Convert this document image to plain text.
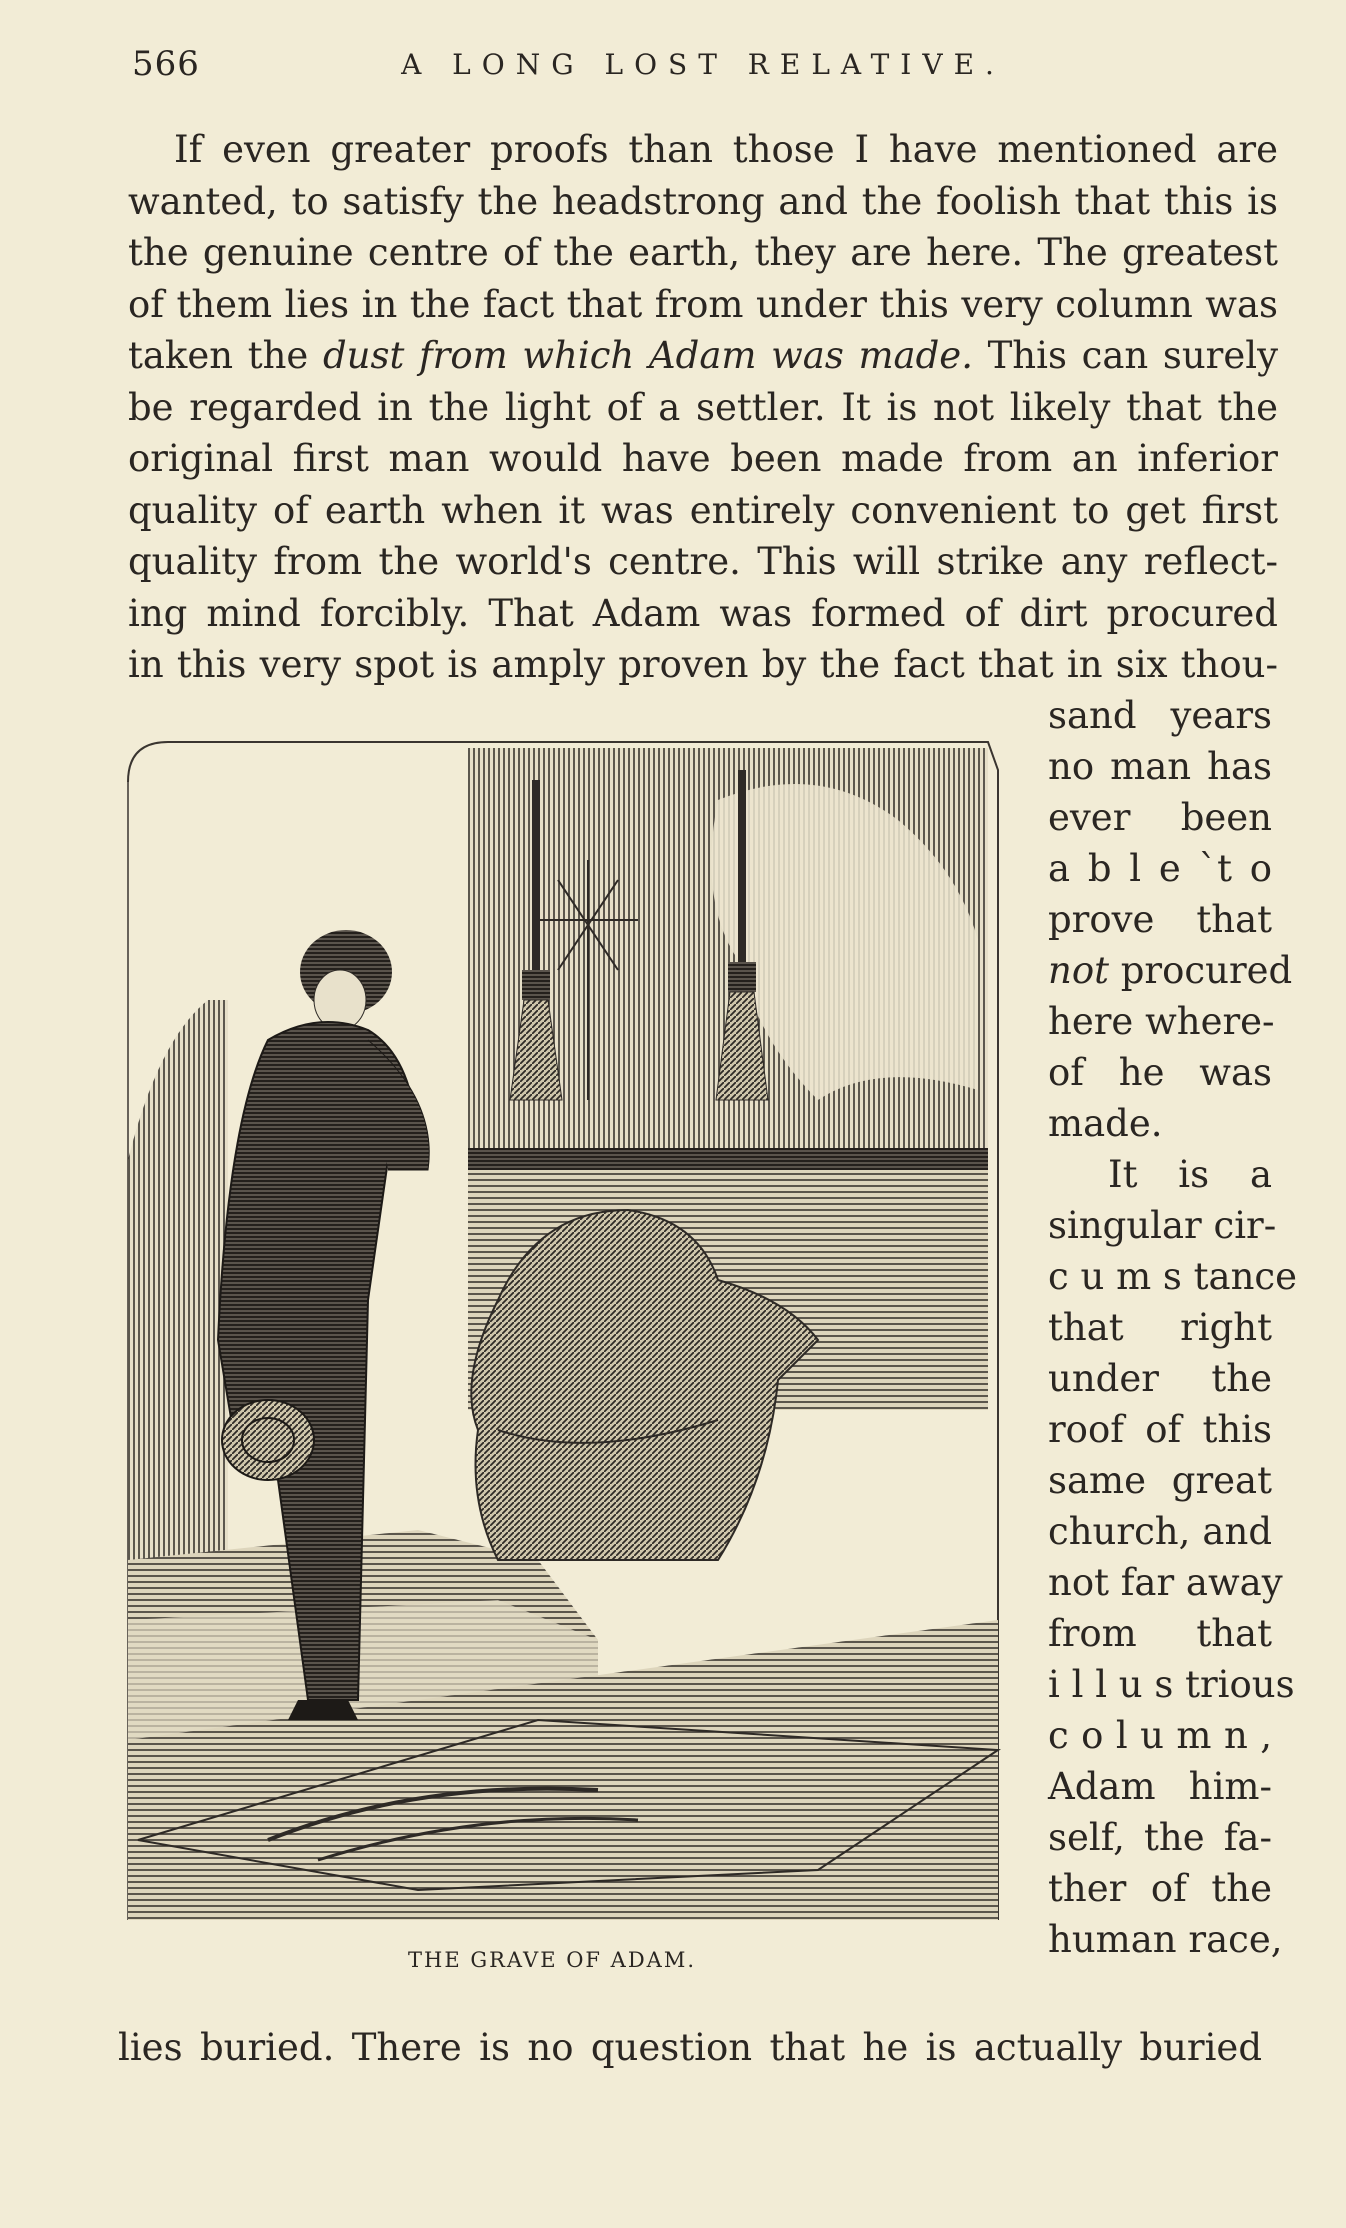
566	A LONG LOST RELATIVE.
If even greater proofs than those I have mentioned are
wanted, to satisfy the headstrong and the foolish that this is
the genuine centre of the earth, they are here. The greatest
of them lies in the fact that from under this very column was
taken the dust from which Adam was made. This can surely
be regarded in the light of a settler. It is not likely that the
original first man would have been made from an inferior
quality of earth when it was entirely convenient to get first
quality from the world's centre. This will strike any reflect-
ing mind forcibly. That Adam was formed of dirt procured
in this very spot is amply proven by the fact that in six thou-
THE GRAVE OF ADAM.
sand years
no man has
ever been
a b l e `t o
prove that
not procured
here where-
of he was
made.
It is a
singular cir-
c u m s tance
that right
under the
roof of this
same great
church, and
not far away
from that
i l l u s trious
c o l u m n ,
Adam him-
self, the fa-
ther of the
human race,
lies buried. There is no question that he is actually buried
